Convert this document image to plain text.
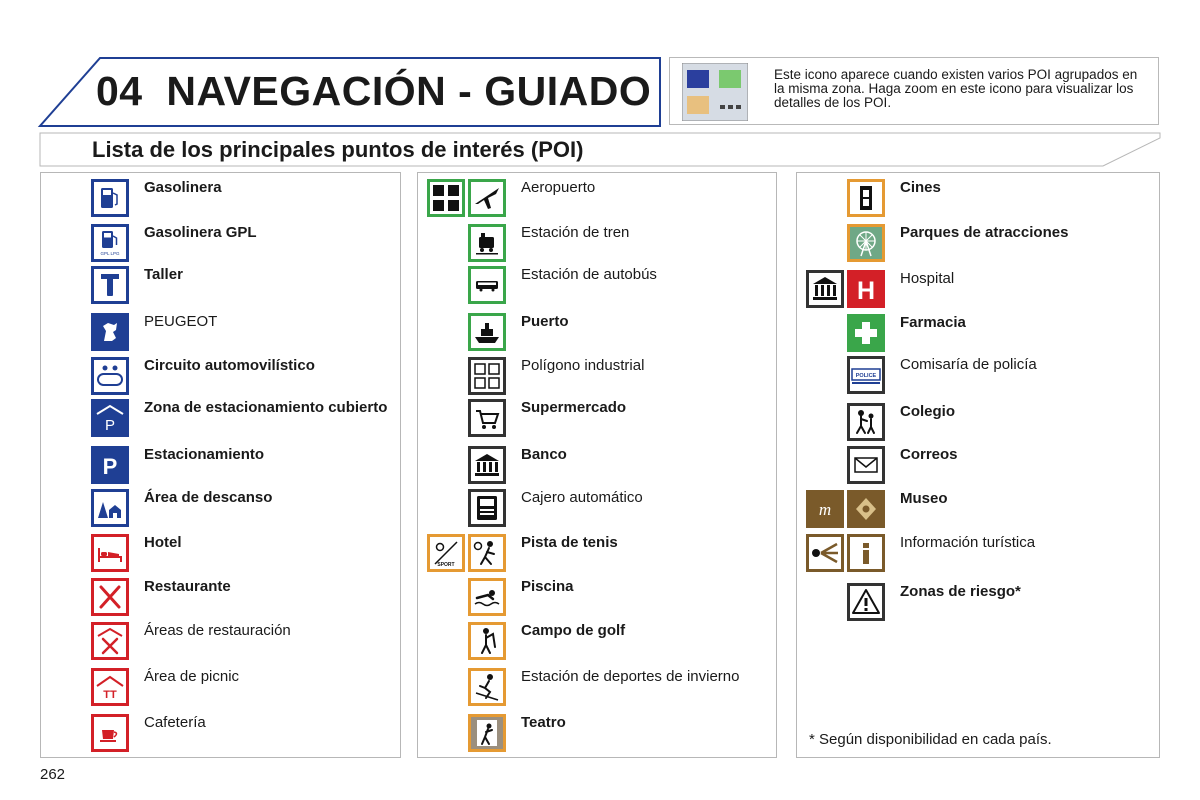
04 NAVEGACIÓN - GUIADO	Este icono aparece cuando existen varios POI agrupados en la misma zona. Haga zoom en este icono para visualizar los detalles de los POI.
Lista de los principales puntos de interés (POI)
Gasolinera
GPL LPG
Gasolinera GPL
Taller
PEUGEOT
Circuito automovilístico
P
Zona de estacionamiento cubierto
P Estacionamiento
Área de descanso
Hotel
Restaurante
Áreas de restauración
TT
Área de picnic
Cafetería
Aeropuerto
Estación de tren
Estación de autobús
Puerto
Polígono industrial
Supermercado
Banco
Cajero automático
SPORT
Pista de tenis
Piscina
Campo de golf
Estación de deportes de invierno
Teatro
* Según disponibilidad en cada país.
Cines
Parques de atracciones
H Hospital
Farmacia
POLICE
Comisaría de policía
Colegio
Correos
m
Museo
Información turística
Zonas de riesgo*
262
